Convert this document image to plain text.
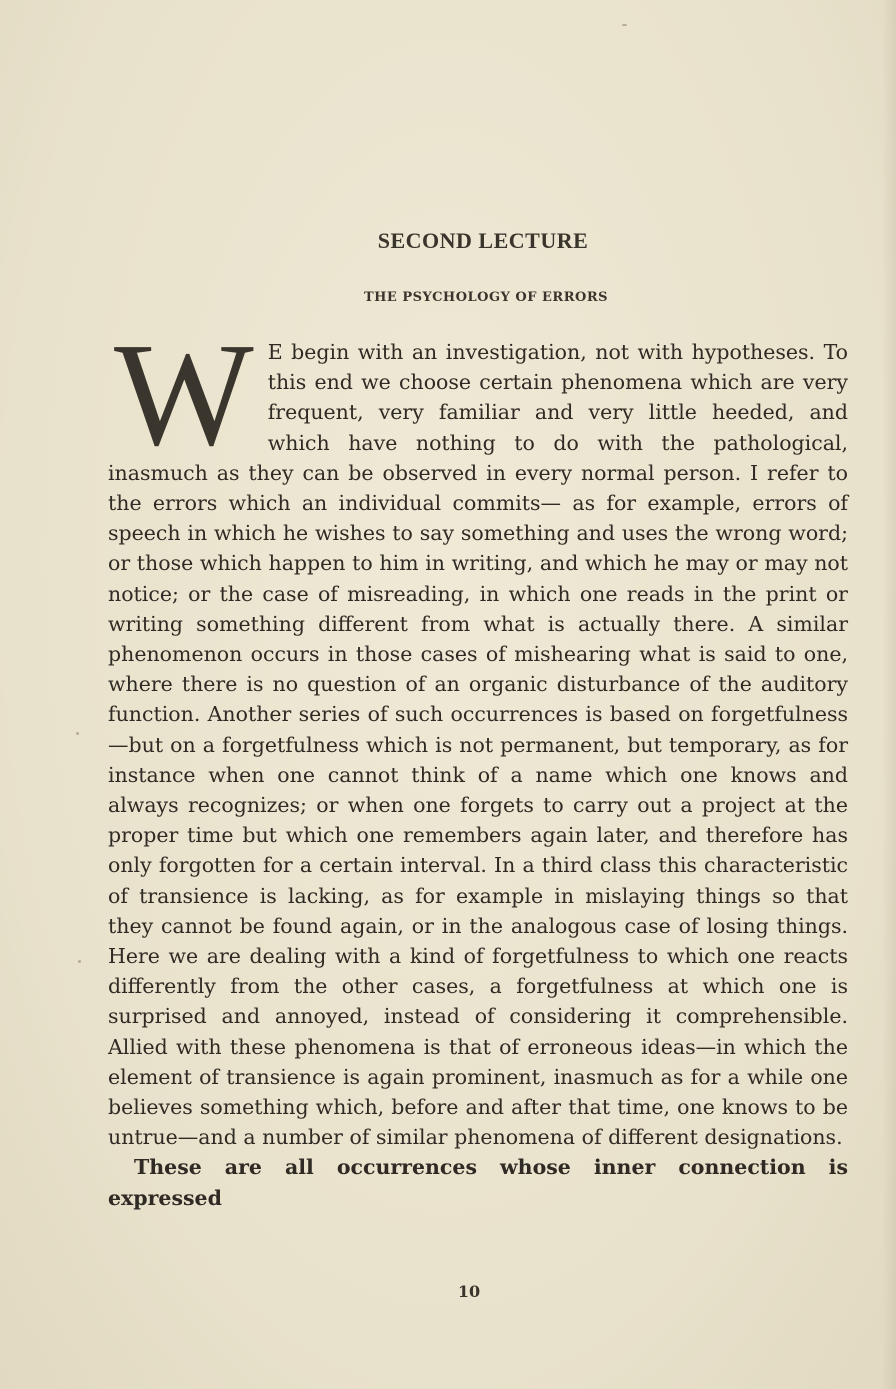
SECOND LECTURE
THE PSYCHOLOGY OF ERRORS

W E begin with an investigation, not with hypotheses. To this end we choose certain phenomena which are very frequent, very familiar and very little heeded, and which have nothing to do with the pathological, inasmuch as they can be observed in every normal person. I refer to the errors which an individual commits— as for example, errors of speech in which he wishes to say something and uses the wrong word; or those which happen to him in writing, and which he may or may not notice; or the case of misreading, in which one reads in the print or writing something different from what is actually there. A similar phenomenon occurs in those cases of mishearing what is said to one, where there is no question of an organic disturbance of the auditory function. Another series of such occurrences is based on forgetfulness—but on a forgetfulness which is not permanent, but temporary, as for instance when one cannot think of a name which one knows and always recognizes; or when one forgets to carry out a project at the proper time but which one remembers again later, and therefore has only forgotten for a certain interval. In a third class this characteristic of transience is lacking, as for example in mislaying things so that they cannot be found again, or in the analogous case of losing things. Here we are dealing with a kind of forgetfulness to which one reacts differently from the other cases, a forgetfulness at which one is surprised and annoyed, instead of considering it comprehensible. Allied with these phenomena is that of erroneous ideas—in which the element of transience is again prominent, inasmuch as for a while one believes something which, before and after that time, one knows to be untrue—and a number of similar phenomena of different designations.

These are all occurrences whose inner connection is expressed

10
